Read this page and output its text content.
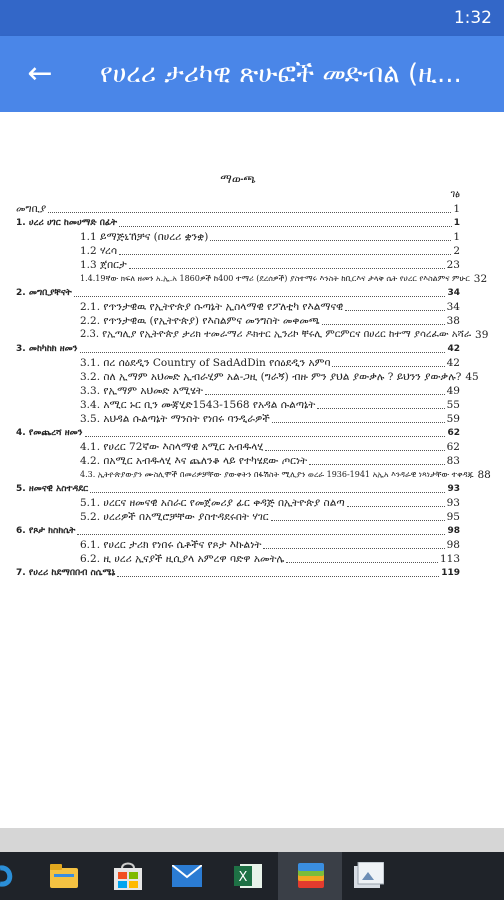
1:32
← የሀረሪ ታሪካዊ ጽሁፎች መድብል (ዚ...
ማውጫ
ገፅ
መግቢያ	1
1. ሀረሪ ሀገር ከመሀማድ በፊት	1
1.1 ይማጅኒኸቻና (በሀረሪ ቋንቋ)	1
1.2 ሃረሳ	2
1.3 ጀበርታ	23
1.4.19ኛው ክፍለ ዘመን አ.ኢ.አ 1860ዎች ከ400 ተማሪ (ደረሰዎች) ያስተማሩ እንስት ከቢርእና ታላቅ ሴት የሀረር የእስልምና ምሁር 32
2. መግቢያቸናት	34
2.1. የጥንታዊዉ የኢትዮጵያ ሱጣኔት ኢስላማዊ የፖለቲካ የእልማናዊ	34
2.2. የጥንታዊዉ (የኢትዮጵያ) የእስልምና መንግስት መቀመጫ	38
2.3. የኢጣሊያ የኢትዮጵያ ታሪክ ተመራማሪ ዶክተር ኢንሪኮ ቸሩሊ ምርምርና በሀረር ከተማ ያሳረፈው አሻራ 39
3. መከካከክ ዘመን	42
3.1. በረ ሰዕደዲን Country of SadAdDin የሰዕደዲን አምባ	42
3.2. ስለ ኢማም አህመድ ኢብራሂም አል-ጋዚ (ግራኝ) ብዙ ምን ያህል ያውቃሉ ? ይህንን ያውቃሉ? 45
3.3. የኢማም አህመድ አሚሄት	49
3.4. አሚር ኑር ቢን ሙጃሂድ1543-1568 የአዳል ሱልጣኔት	55
3.5. አህዳል ሱልጣኔት ማንስት የነበሩ ባንዲራዎች	59
4. የመጨረሻ ዘመን	62
4.1. የሀረር 72ኛው እስላማዊ አሚር አብዱላሂ	62
4.2. በአሚር አብዱላሂ እና ጨለንቆ ላይ የተካሄደው ጦርነት	83
4.3. ኢትዮጵያውያን ሙስሊሞች በመሪዎቻቸው ያውቀትን በፋሽስት ሚሊያን ወረራ 1936-1941 አኢአ እንዳራዊ ነጻነታቸው ተቀዳጁ 88
5. ዘመናዊ አስተዳደር	93
5.1. ሀረርና ዘመናዊ አስራር የመጀመሪያ ፊር ቀዳጅ በኢትዮጵያ ስልጣ	93
5.2. ሀረሪዎች በአሚሮቻቸው ያስተዳደሩበት ሃገር	95
6. የጾታ ክስክሴት	98
6.1. የሀረር ታሪክ የነበሩ ሴቶችና የጾታ እኩልነት	98
6.2. ዚ ሀረሪ ኢናያች ዚሲያላ አምረዋ ባድዋ አመትሌ	113
7. የሀረሪ ከደማበበብ ስሴሜኔ	119
X
